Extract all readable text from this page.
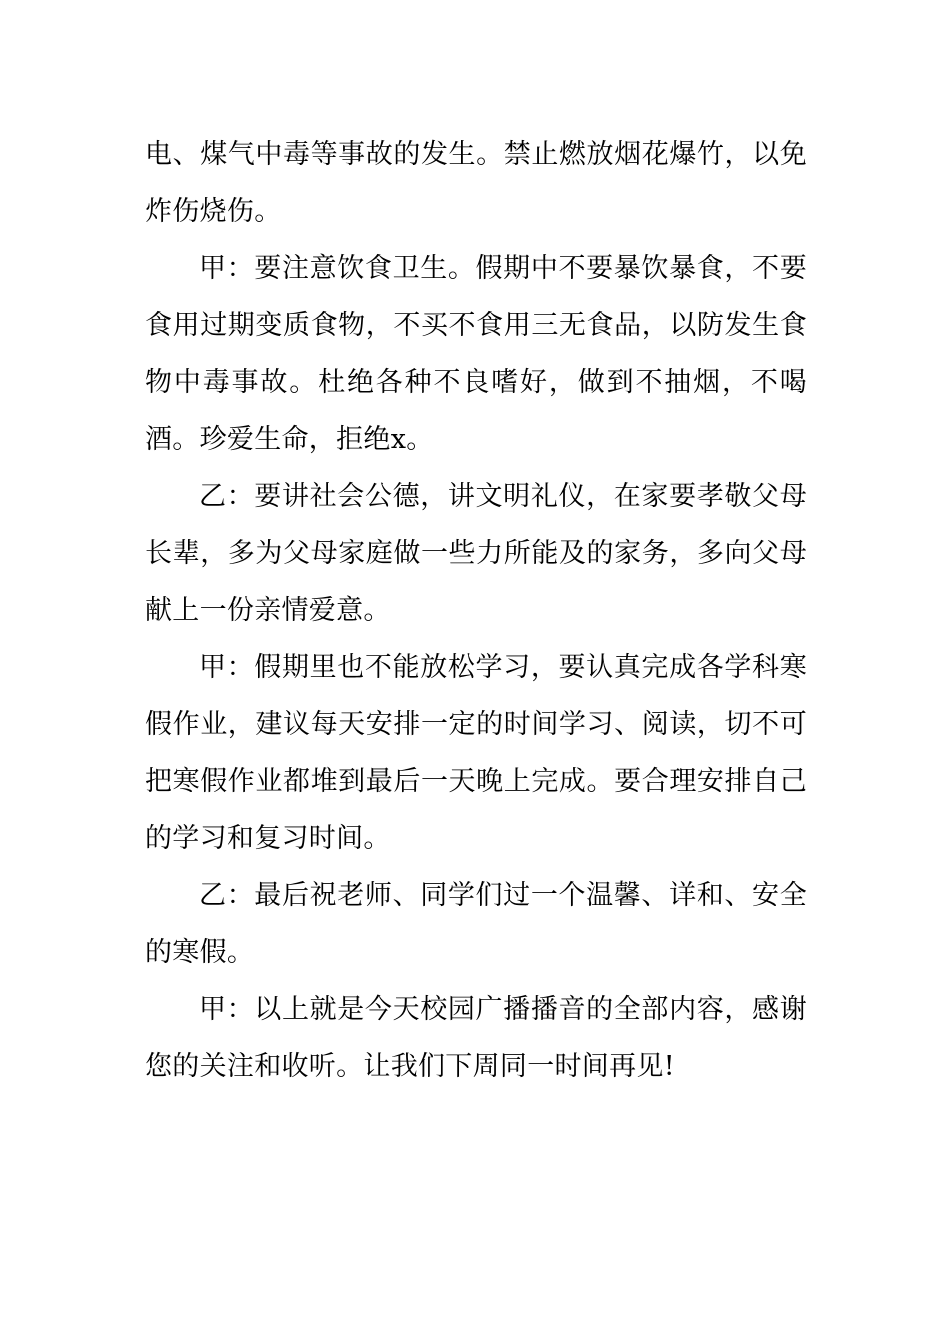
电、煤气中毒等事故的发生。禁止燃放烟花爆竹，以免炸伤烧伤。

甲：要注意饮食卫生。假期中不要暴饮暴食，不要食用过期变质食物，不买不食用三无食品，以防发生食物中毒事故。杜绝各种不良嗜好，做到不抽烟，不喝酒。珍爱生命，拒绝x。

乙：要讲社会公德，讲文明礼仪，在家要孝敬父母长辈，多为父母家庭做一些力所能及的家务，多向父母献上一份亲情爱意。

甲：假期里也不能放松学习，要认真完成各学科寒假作业，建议每天安排一定的时间学习、阅读，切不可把寒假作业都堆到最后一天晚上完成。要合理安排自己的学习和复习时间。

乙：最后祝老师、同学们过一个温馨、详和、安全的寒假。

甲：以上就是今天校园广播播音的全部内容，感谢您的关注和收听。让我们下周同一时间再见!
